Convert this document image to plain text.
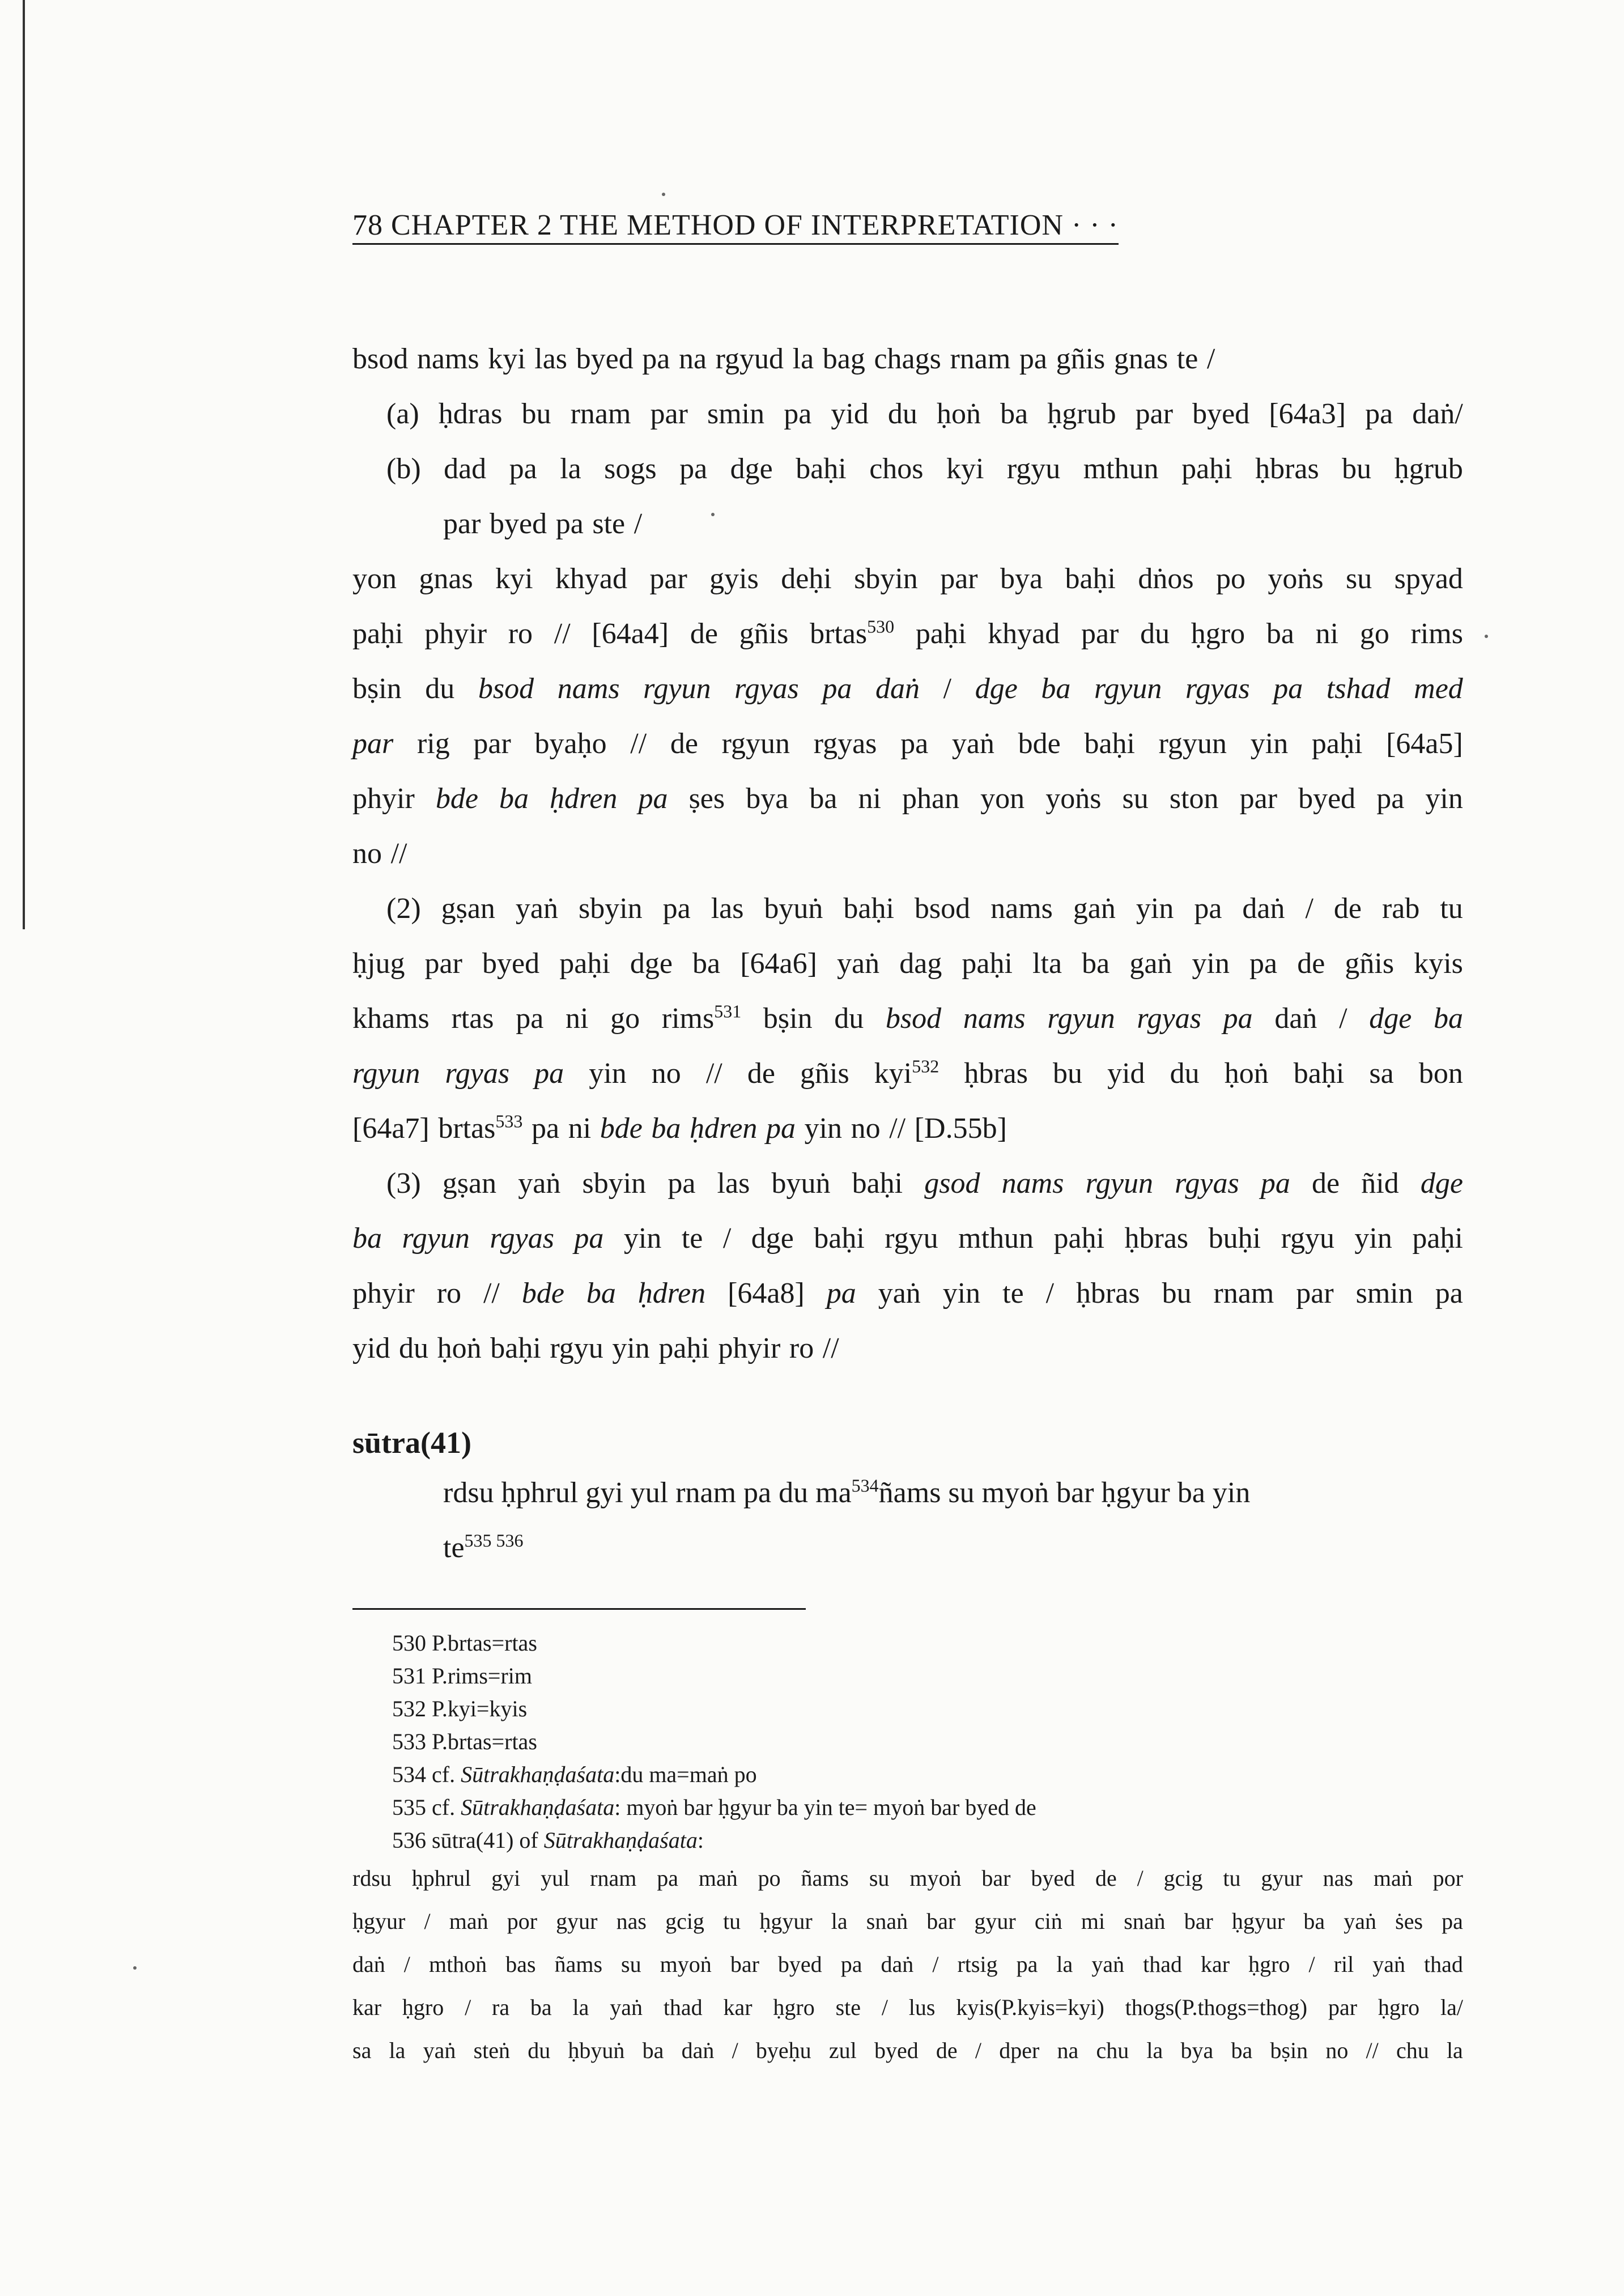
78 CHAPTER 2 THE METHOD OF INTERPRETATION · · ·
bsod nams kyi las byed pa na rgyud la bag chags rnam pa gñis gnas te /
(a) ḥdras bu rnam par smin pa yid du ḥoṅ ba ḥgrub par byed [64a3] pa daṅ/
(b) dad pa la sogs pa dge baḥi chos kyi rgyu mthun paḥi ḥbras bu ḥgrub
par byed pa ste /
yon gnas kyi khyad par gyis deḥi sbyin par bya baḥi dṅos po yoṅs su spyad
paḥi phyir ro // [64a4] de gñis brtas$^{530}$ paḥi khyad par du ḥgro ba ni go rims
bṣin du bsod nams rgyun rgyas pa daṅ / dge ba rgyun rgyas pa tshad med
par rig par byaḥo // de rgyun rgyas pa yaṅ bde baḥi rgyun yin paḥi [64a5]
phyir bde ba ḥdren pa ṣes bya ba ni phan yon yoṅs su ston par byed pa yin
no //
(2) gṣan yaṅ sbyin pa las byuṅ baḥi bsod nams gaṅ yin pa daṅ / de rab tu
ḥjug par byed paḥi dge ba [64a6] yaṅ dag paḥi lta ba gaṅ yin pa de gñis kyis
khams rtas pa ni go rims$^{531}$ bṣin du bsod nams rgyun rgyas pa daṅ / dge ba
rgyun rgyas pa yin no // de gñis kyi$^{532}$ ḥbras bu yid du ḥoṅ baḥi sa bon
[64a7] brtas$^{533}$ pa ni bde ba ḥdren pa yin no // [D.55b]
(3) gṣan yaṅ sbyin pa las byuṅ baḥi gsod nams rgyun rgyas pa de ñid dge
ba rgyun rgyas pa yin te / dge baḥi rgyu mthun paḥi ḥbras buḥi rgyu yin paḥi
phyir ro // bde ba ḥdren [64a8] pa yaṅ yin te / ḥbras bu rnam par smin pa
yid du ḥoṅ baḥi rgyu yin paḥi phyir ro //
sūtra(41)
rdsu ḥphrul gyi yul rnam pa du $ma^{534}ñams$ su myoṅ bar ḥgyur ba yin
$te^{535 536}$
530 P.brtas=rtas
531 P.rims=rim
532 P.kyi=kyis
533 P.brtas=rtas
534 cf. Sūtrakhaṇḍaśata:du ma=maṅ po
535 cf. Sūtrakhaṇḍaśata: myoṅ bar ḥgyur ba yin te= myoṅ bar byed de
536 sūtra(41) of Sūtrakhaṇḍaśata:
rdsu ḥphrul gyi yul rnam pa maṅ po ñams su myoṅ bar byed de / gcig tu gyur nas maṅ por
ḥgyur / maṅ por gyur nas gcig tu ḥgyur la snaṅ bar gyur ciṅ mi snaṅ bar ḥgyur ba yaṅ ṡes pa
daṅ / mthoṅ bas ñams su myoṅ bar byed pa daṅ / rtsig pa la yaṅ thad kar ḥgro / ril yaṅ thad
kar ḥgro / ra ba la yaṅ thad kar ḥgro ste / lus kyis(P.kyis=kyi) thogs(P.thogs=thog) par ḥgro la/
sa la yaṅ steṅ du ḥbyuṅ ba daṅ / byeḥu zul byed de / dper na chu la bya ba bṣin no // chu la
